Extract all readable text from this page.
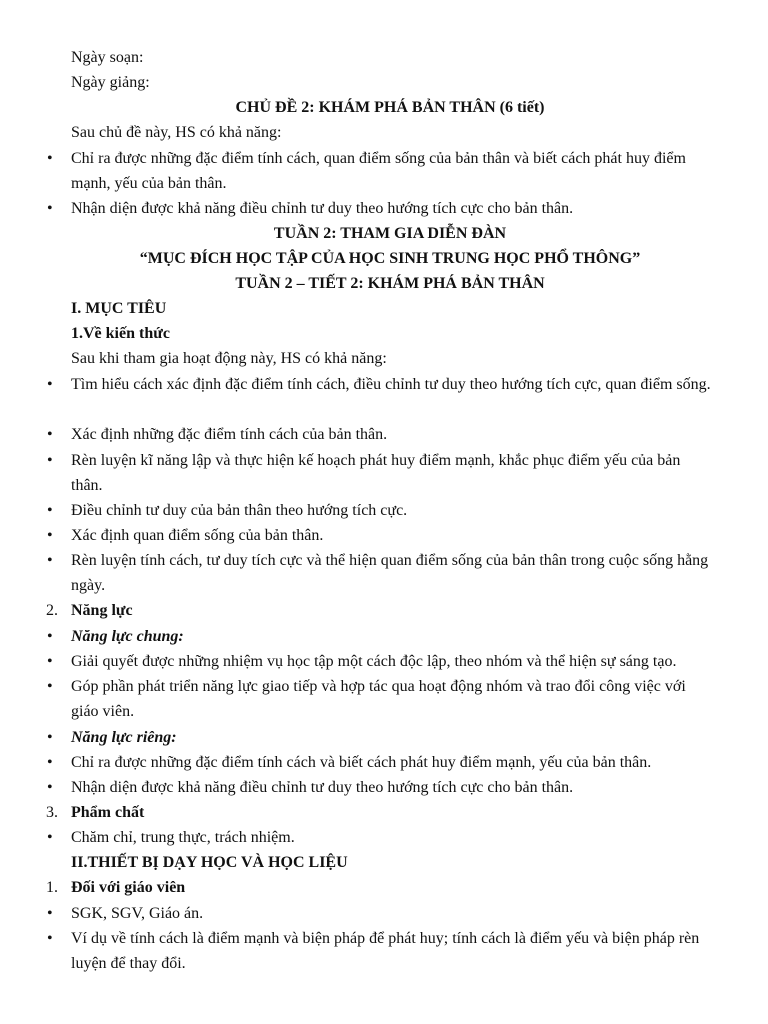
Ngày soạn:
Ngày giảng:
CHỦ ĐỀ 2: KHÁM PHÁ BẢN THÂN (6 tiết)
Sau chủ đề này, HS có khả năng:
• Chỉ ra được những đặc điểm tính cách, quan điểm sống của bản thân và biết cách phát huy điểm mạnh, yếu của bản thân.
• Nhận diện được khả năng điều chỉnh tư duy theo hướng tích cực cho bản thân.
TUẦN 2: THAM GIA DIỄN ĐÀN
“MỤC ĐÍCH HỌC TẬP CỦA HỌC SINH TRUNG HỌC PHỔ THÔNG”
TUẦN 2 – TIẾT 2: KHÁM PHÁ BẢN THÂN
I. MỤC TIÊU
1.Về kiến thức
Sau khi tham gia hoạt động này, HS có khả năng:
• Tìm hiểu cách xác định đặc điểm tính cách, điều chỉnh tư duy theo hướng tích cực, quan điểm sống.
• Xác định những đặc điểm tính cách của bản thân.
• Rèn luyện kĩ năng lập và thực hiện kế hoạch phát huy điểm mạnh, khắc phục điểm yếu của bản thân.
• Điều chỉnh tư duy của bản thân theo hướng tích cực.
• Xác định quan điểm sống của bản thân.
• Rèn luyện tính cách, tư duy tích cực và thể hiện quan điểm sống của bản thân trong cuộc sống hằng ngày.
2. Năng lực
• Năng lực chung:
• Giải quyết được những nhiệm vụ học tập một cách độc lập, theo nhóm và thể hiện sự sáng tạo.
• Góp phần phát triển năng lực giao tiếp và hợp tác qua hoạt động nhóm và trao đổi công việc với giáo viên.
• Năng lực riêng:
• Chỉ ra được những đặc điểm tính cách và biết cách phát huy điểm mạnh, yếu của bản thân.
• Nhận diện được khả năng điều chỉnh tư duy theo hướng tích cực cho bản thân.
3. Phẩm chất
• Chăm chỉ, trung thực, trách nhiệm.
II.THIẾT BỊ DẠY HỌC VÀ HỌC LIỆU
1. Đối với giáo viên
• SGK, SGV, Giáo án.
• Ví dụ về tính cách là điểm mạnh và biện pháp để phát huy; tính cách là điểm yếu và biện pháp rèn luyện để thay đổi.
